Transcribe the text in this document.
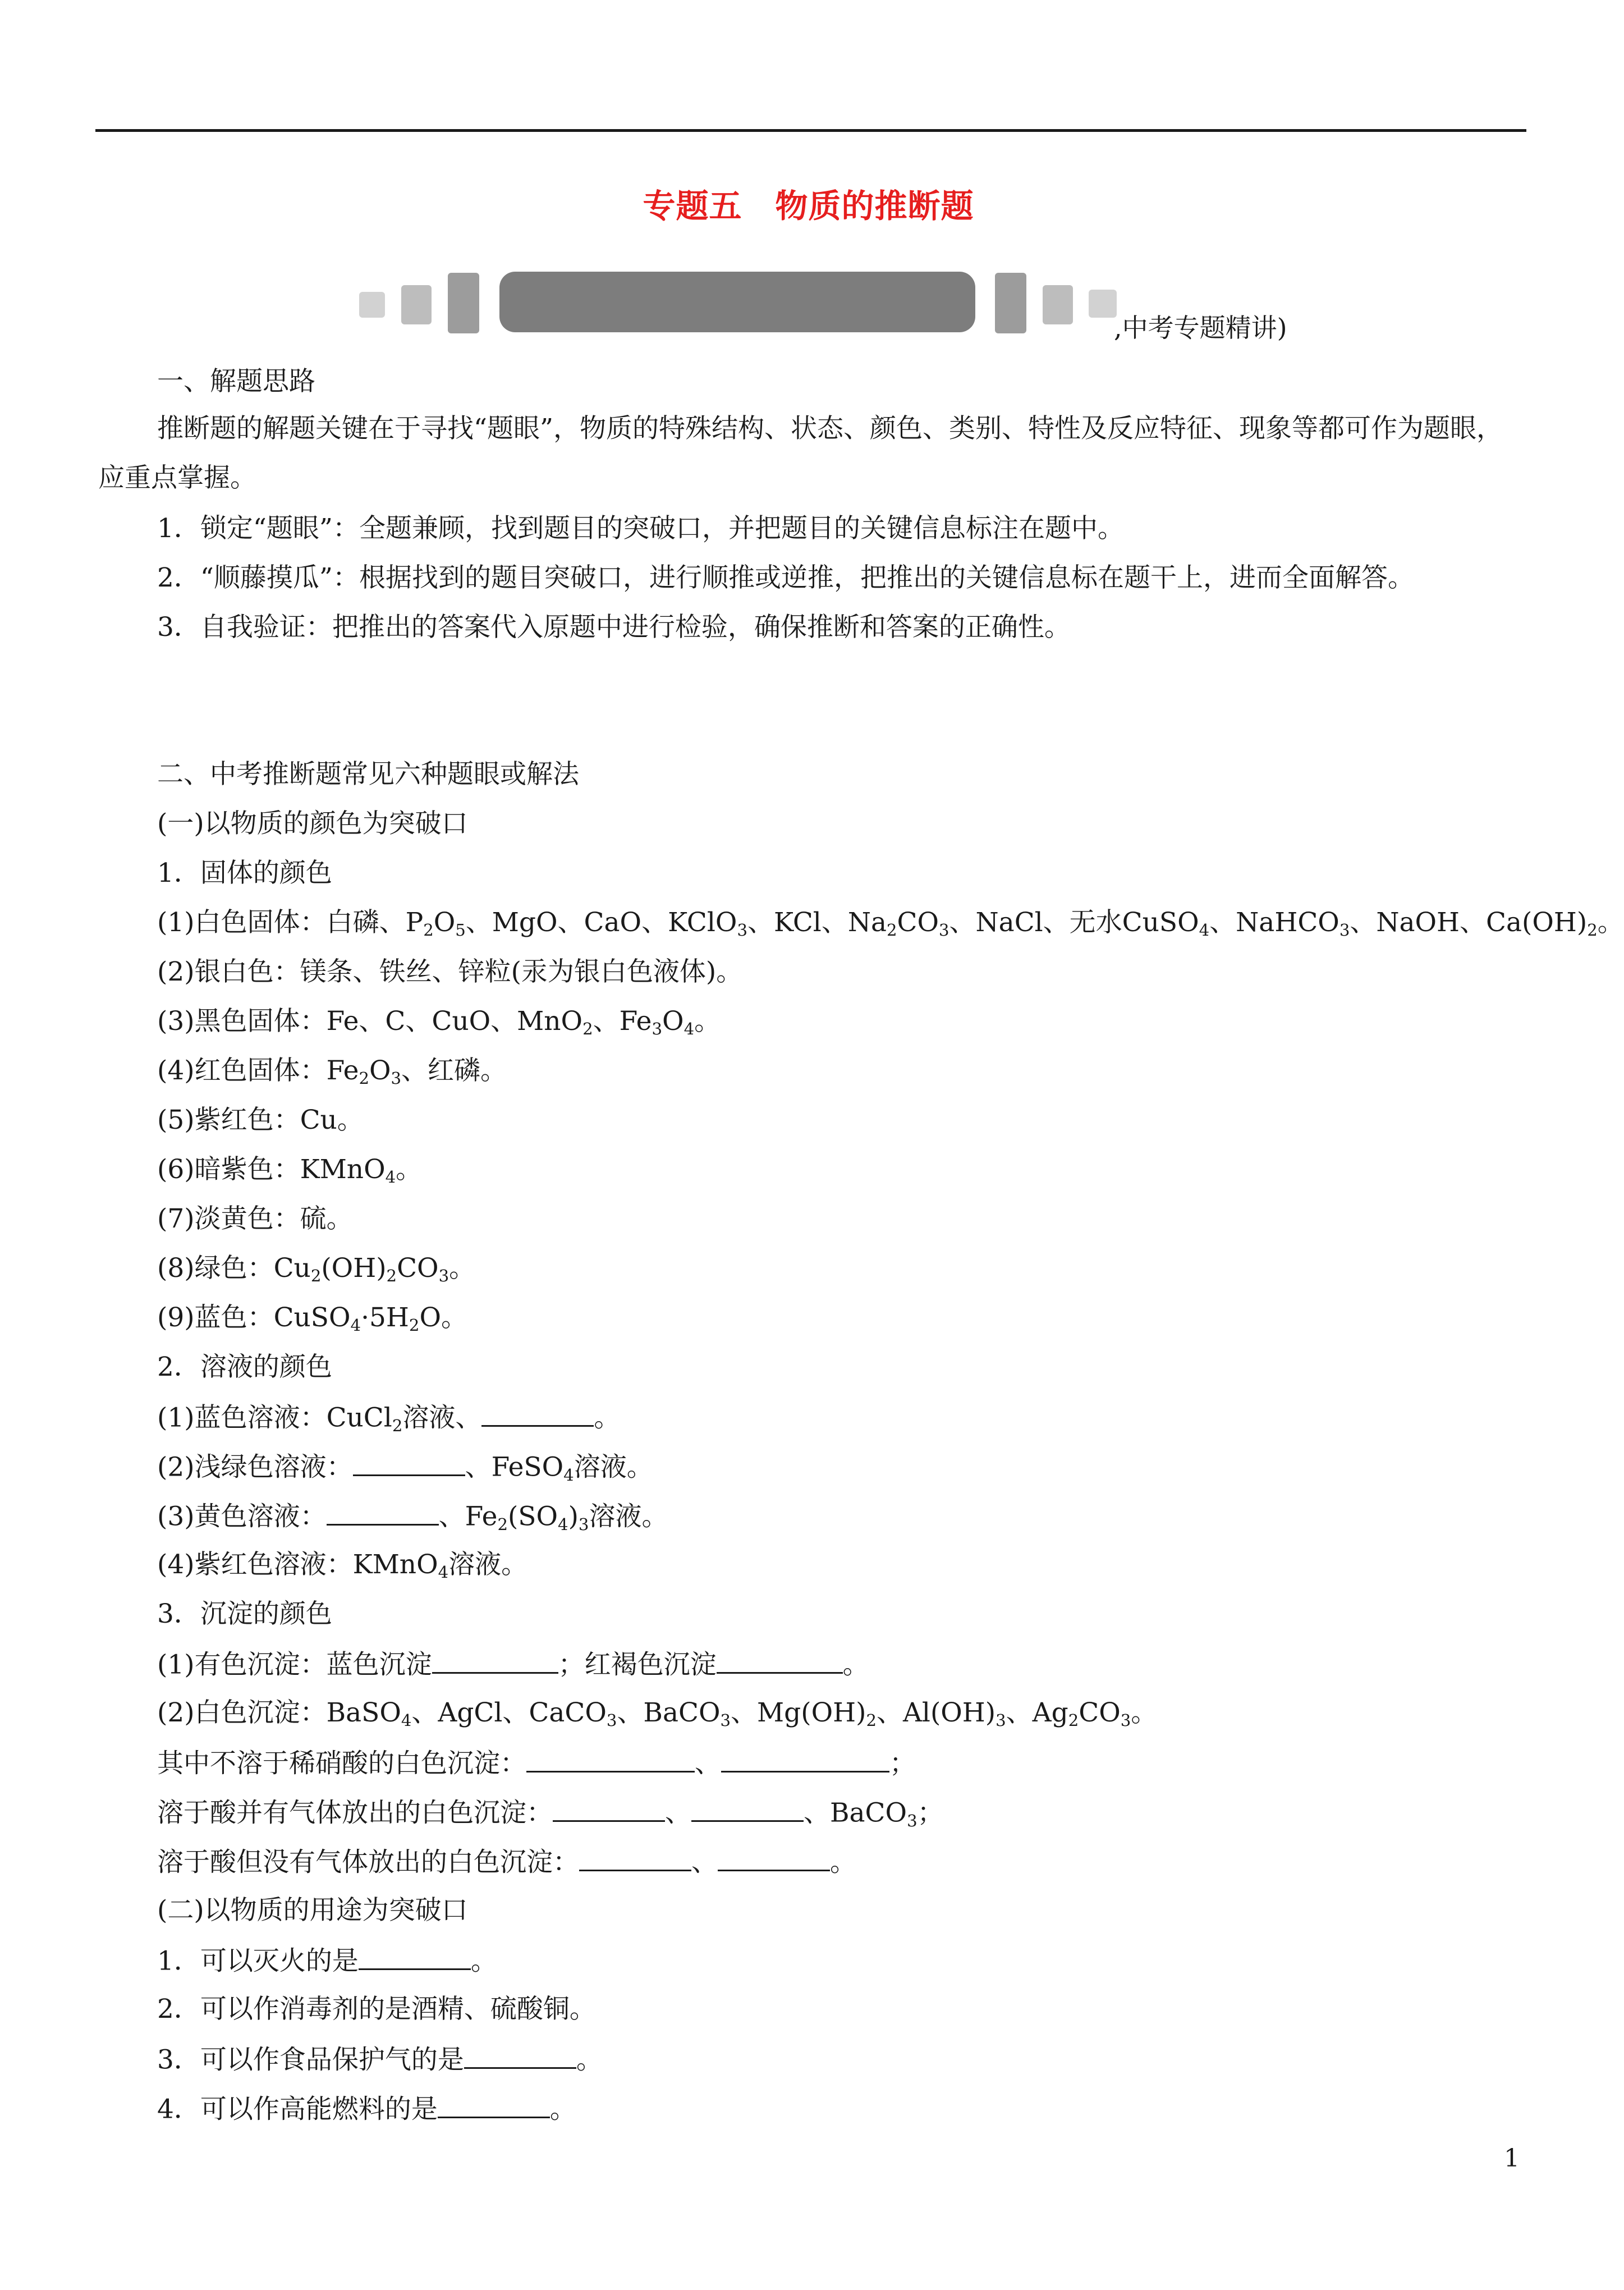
专题五　物质的推断题
,中考专题精讲)
一、解题思路
推断题的解题关键在于寻找“题眼”，物质的特殊结构、状态、颜色、类别、特性及反应特征、现象等都可作为题眼，应重点掌握。
1．锁定“题眼”：全题兼顾，找到题目的突破口，并把题目的关键信息标注在题中。
2．“顺藤摸瓜”：根据找到的题目突破口，进行顺推或逆推，把推出的关键信息标在题干上，进而全面解答。
3．自我验证：把推出的答案代入原题中进行检验，确保推断和答案的正确性。
二、中考推断题常见六种题眼或解法
(一)以物质的颜色为突破口
1．固体的颜色
(1)白色固体：白磷、$P_2O_5$、MgO、CaO、KClO$_3$、KCl、$Na_2CO_3$、NaCl、无水CuSO$_4$、NaHCO$_3$、NaOH、$Ca(OH)_2$。
(2)银白色：镁条、铁丝、锌粒(汞为银白色液体)。
(3)黑色固体：Fe、C、CuO、MnO$_2$、$Fe_3O_4$。
(4)红色固体：$Fe_2O_3$、红磷。
(5)紫红色：Cu。
(6)暗紫色：KMnO$_4$。
(7)淡黄色：硫。
(8)绿色：$Cu_2(OH)_2CO_3$。
(9)蓝色：$CuSO_4\cdot 5H_2O$。
2．溶液的颜色
(1)蓝色溶液：CuCl$_2$溶液、	。
(2)浅绿色溶液：	、FeSO$_4$溶液。
(3)黄色溶液：	、$Fe_2(SO_4)_3$溶液。
(4)紫红色溶液：KMnO$_4$溶液。
3．沉淀的颜色
(1)有色沉淀：蓝色沉淀	；红褐色沉淀	。
(2)白色沉淀：BaSO$_4$、AgCl、CaCO$_3$、BaCO$_3$、$Mg(OH)_2$、$Al(OH)_3$、$Ag_2CO_3$。
其中不溶于稀硝酸的白色沉淀：	、	；
溶于酸并有气体放出的白色沉淀：	、	、BaCO$_3$；
溶于酸但没有气体放出的白色沉淀：	、	。
(二)以物质的用途为突破口
1．可以灭火的是	。
2．可以作消毒剂的是酒精、硫酸铜。
3．可以作食品保护气的是	。
4．可以作高能燃料的是	。
1
